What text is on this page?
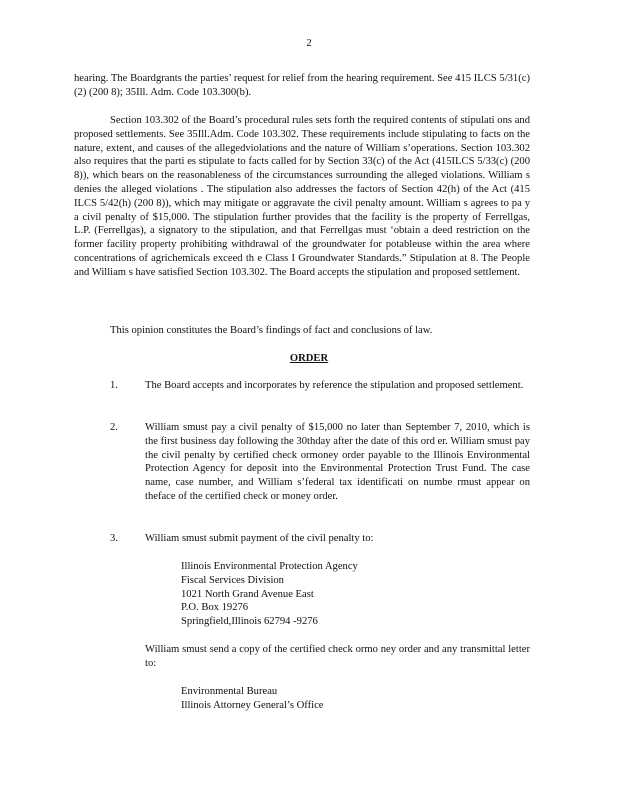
2

hearing. The Boardgrants the parties’ request for relief from the hearing requirement. See 415 ILCS 5/31(c)(2) (200 8); 35Ill. Adm. Code 103.300(b).

Section 103.302 of the Board’s procedural rules sets forth the required contents of stipulati ons and proposed settlements. See 35Ill.Adm. Code 103.302. These requirements include stipulating to facts on the nature, extent, and causes of the allegedviolations and the nature of William s’operations. Section 103.302 also requires that the parti es stipulate to facts called for by Section 33(c) of the Act (415ILCS 5/33(c) (200 8)), which bears on the reasonableness of the circumstances surrounding the alleged violations. William s denies the alleged violations . The stipulation also addresses the factors of Section 42(h) of the Act (415 ILCS 5/42(h) (200 8)), which may mitigate or aggravate the civil penalty amount. William s agrees to pa y a civil penalty of $15,000. The stipulation further provides that the facility is the property of Ferrellgas, L.P. (Ferrellgas), a signatory to the stipulation, and that Ferrellgas must ‘obtain a deed restriction on the former facility property prohibiting withdrawal of the groundwater for potableuse within the area where concentrations of agrichemicals exceed th e Class I Groundwater Standards.” Stipulation at 8. The People and William s have satisfied Section 103.302. The Board accepts the stipulation and proposed settlement.

This opinion constitutes the Board’s findings of fact and conclusions of law.

ORDER
1.	The Board accepts and incorporates by reference the stipulation and proposed settlement.

2.	William smust pay a civil penalty of $15,000 no later than September 7, 2010, which is the first business day following the 30thday after the date of this ord er. William smust pay the civil penalty by certified check ormoney order payable to the Illinois Environmental Protection Agency for deposit into the Environmental Protection Trust Fund. The case name, case number, and William s’federal tax identificati on numbe rmust appear on theface of the certified check or money order.

3.	William smust submit payment of the civil penalty to:

Illinois Environmental Protection Agency
Fiscal Services Division
1021 North Grand Avenue East
P.O. Box 19276
Springfield,Illinois 62794 -9276

William smust send a copy of the certified check ormo ney order and any transmittal letter to:

Environmental Bureau
Illinois Attorney General’s Office
